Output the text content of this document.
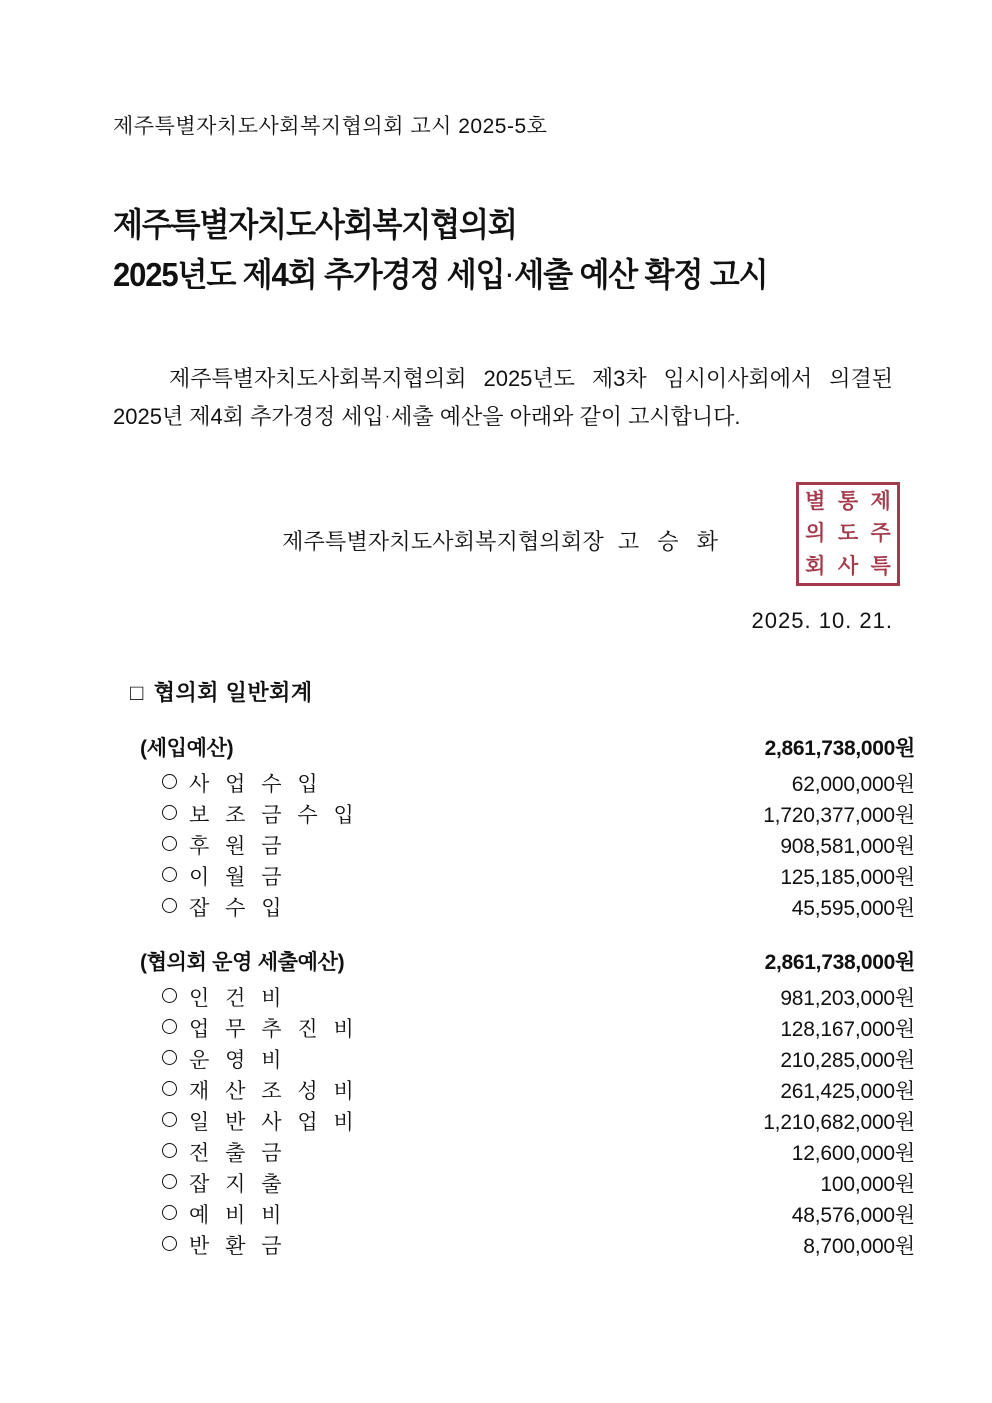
제주특별자치도사회복지협의회 고시 2025-5호
제주특별자치도사회복지협의회
2025년도 제4회 추가경정 세입·세출 예산 확정 고시
제주특별자치도사회복지협의회 2025년도 제3차 임시이사회에서 의결된 2025년 제4회 추가경정 세입·세출 예산을 아래와 같이 고시합니다.
제주특별자치도사회복지협의회장 고 승 화
별 통 제
의 도 주
회 사 특
2025. 10. 21.
□ 협의회 일반회계
(세입예산)	2,861,738,000원
사 업 수 입	62,000,000원
보 조 금 수 입	1,720,377,000원
후 원 금	908,581,000원
이 월 금	125,185,000원
잡 수 입	45,595,000원
(협의회 운영 세출예산)	2,861,738,000원
인 건 비	981,203,000원
업 무 추 진 비	128,167,000원
운 영 비	210,285,000원
재 산 조 성 비	261,425,000원
일 반 사 업 비	1,210,682,000원
전 출 금	12,600,000원
잡 지 출	100,000원
예 비 비	48,576,000원
반 환 금	8,700,000원
